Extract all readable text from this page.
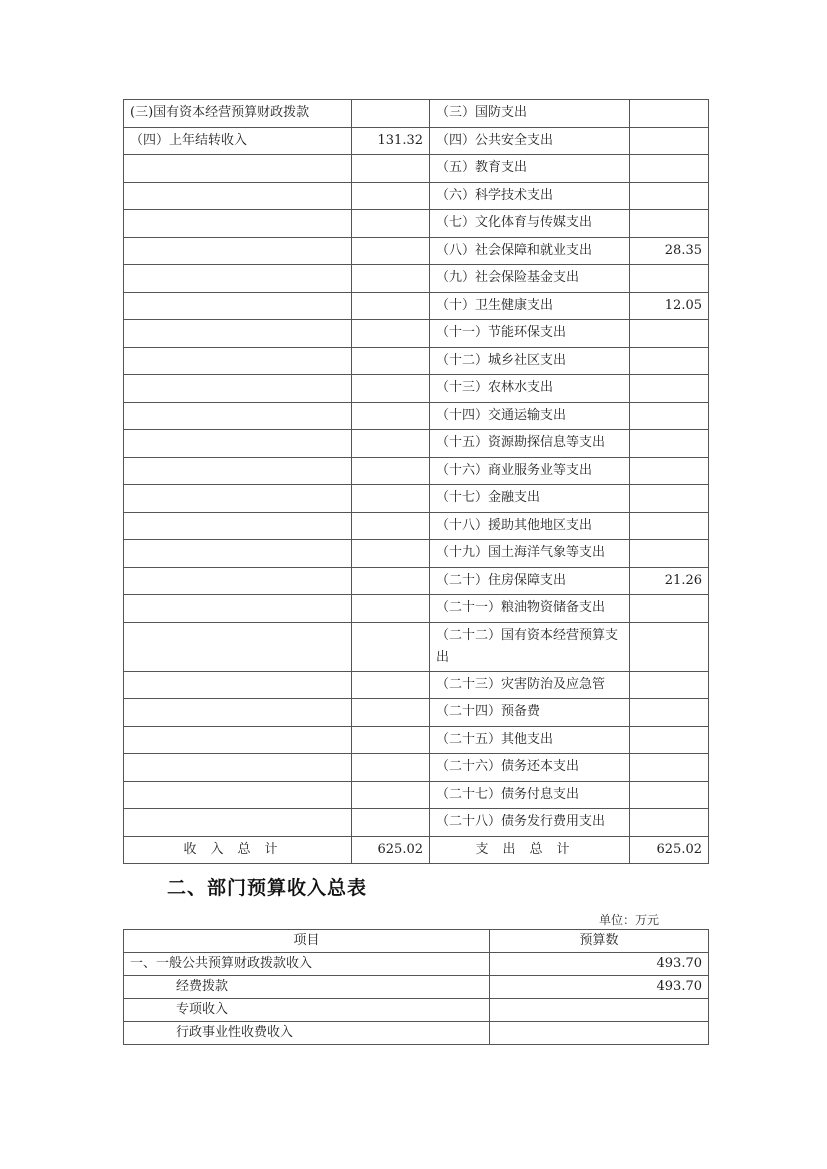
(三)国有资本经营预算财政拨款		（三）国防支出	
（四）上年结转收入	131.32	（四）公共安全支出	
		（五）教育支出	
		（六）科学技术支出	
		（七）文化体育与传媒支出	
		（八）社会保障和就业支出	28.35
		（九）社会保险基金支出	
		（十）卫生健康支出	12.05
		（十一）节能环保支出	
		（十二）城乡社区支出	
		（十三）农林水支出	
		（十四）交通运输支出	
		（十五）资源勘探信息等支出	
		（十六）商业服务业等支出	
		（十七）金融支出	
		（十八）援助其他地区支出	
		（十九）国土海洋气象等支出	
		（二十）住房保障支出	21.26
		（二十一）粮油物资储备支出	
		（二十二）国有资本经营预算支出	
		（二十三）灾害防治及应急管	
		（二十四）预备费	
		（二十五）其他支出	
		（二十六）债务还本支出	
		（二十七）债务付息支出	
		（二十八）债务发行费用支出	
收入总计	625.02	支出总计	625.02
二、部门预算收入总表
单位：万元
项目	预算数
一、一般公共预算财政拨款收入	493.70
经费拨款	493.70
专项收入	
行政事业性收费收入	
